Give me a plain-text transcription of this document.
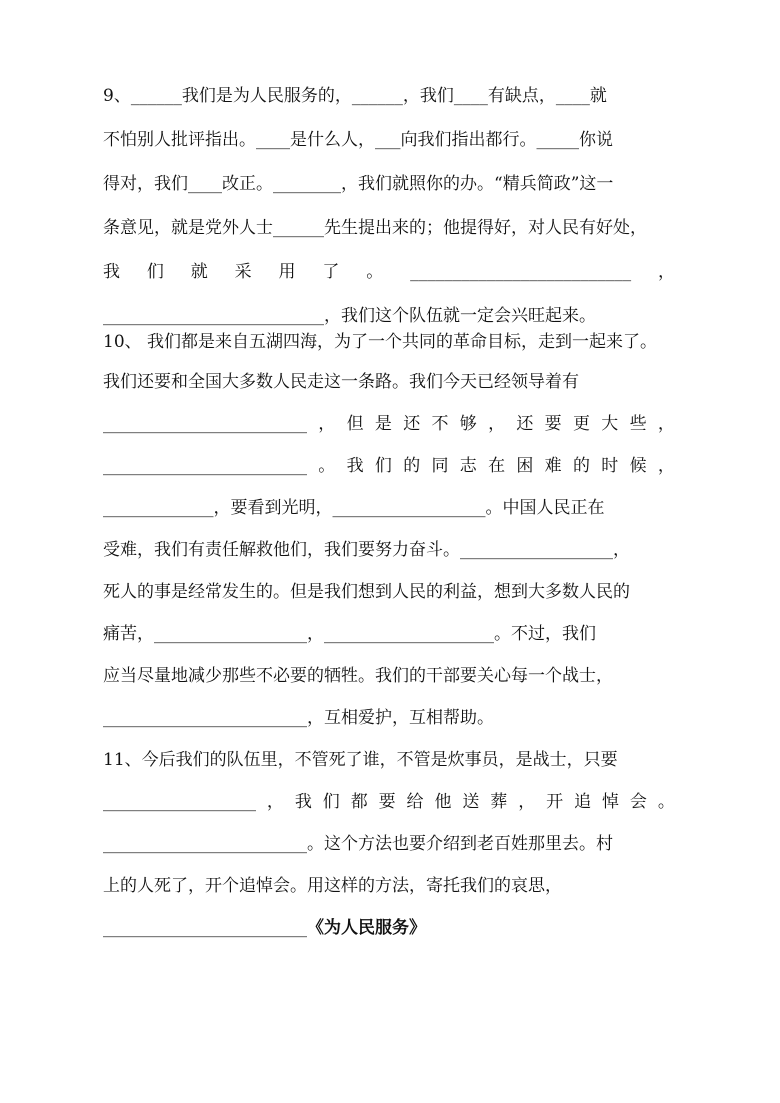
9、______我们是为人民服务的，______，我们____有缺点，____就
不怕别人批评指出。____是什么人，___向我们指出都行。_____你说
得对，我们____改正。________，我们就照你的办。“精兵简政”这一
条意见，就是党外人士______先生提出来的；他提得好，对人民有好处，
我 们 就 采 用 了 。 __________________________ ，
__________________________，我们这个队伍就一定会兴旺起来。
10、 我们都是来自五湖四海，为了一个共同的革命目标，走到一起来了。
我们还要和全国大多数人民走这一条路。我们今天已经领导着有
________________________ ， 但 是 还 不 够 ， 还 要 更 大 些 ，
________________________ 。 我 们 的 同 志 在 困 难 的 时 候 ，
_____________，要看到光明，__________________。中国人民正在
受难，我们有责任解救他们，我们要努力奋斗。__________________，
死人的事是经常发生的。但是我们想到人民的利益，想到大多数人民的
痛苦，__________________，____________________。不过，我们
应当尽量地减少那些不必要的牺牲。我们的干部要关心每一个战士，
________________________，互相爱护，互相帮助。
11、今后我们的队伍里，不管死了谁，不管是炊事员，是战士，只要
__________________ ， 我 们 都 要 给 他 送 葬 ， 开 追 悼 会 。
________________________。这个方法也要介绍到老百姓那里去。村
上的人死了，开个追悼会。用这样的方法，寄托我们的哀思，
________________________《为人民服务》
